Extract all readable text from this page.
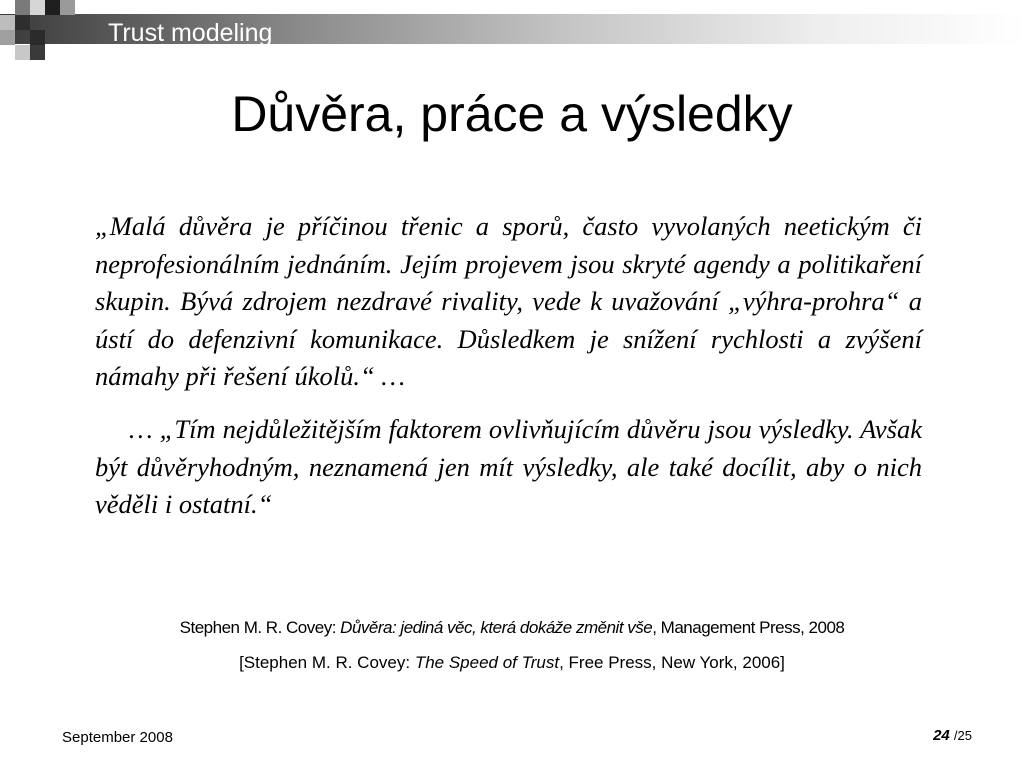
Trust modeling
Důvěra, práce a výsledky

„Malá důvěra je příčinou třenic a sporů, často vyvolaných neetickým či neprofesionálním jednáním. Jejím projevem jsou skryté agendy a politikaření skupin. Bývá zdrojem nezdravé rivality, vede k uvažování „výhra-prohra“ a ústí do defenzivní komunikace. Důsledkem je snížení rychlosti a zvýšení námahy při řešení úkolů.“ …

… „Tím nejdůležitějším faktorem ovlivňujícím důvěru jsou výsledky. Avšak být důvěryhodným, neznamená jen mít výsledky, ale také docílit, aby o nich věděli i ostatní.“

Stephen M. R. Covey: Důvěra: jediná věc, která dokáže změnit vše, Management Press, 2008
[Stephen M. R. Covey: The Speed of Trust, Free Press, New York, 2006]
September 2008	24 /25
